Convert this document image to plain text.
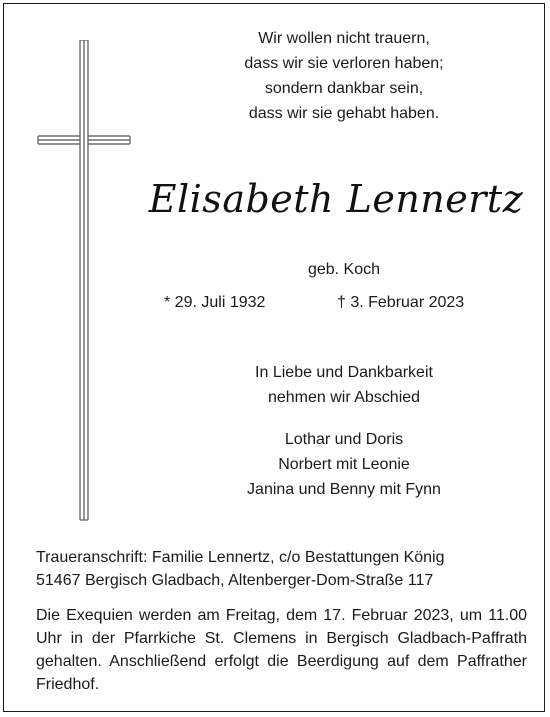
Wir wollen nicht trauern,
dass wir sie verloren haben;
sondern dankbar sein,
dass wir sie gehabt haben.
Elisabeth Lennertz
geb. Koch
* 29. Juli 1932	† 3. Februar 2023
In Liebe und Dankbarkeit
nehmen wir Abschied
Lothar und Doris
Norbert mit Leonie
Janina und Benny mit Fynn
Traueranschrift: Familie Lennertz, c/o Bestattungen König
51467 Bergisch Gladbach, Altenberger-Dom-Straße 117
Die Exequien werden am Freitag, dem 17. Februar 2023, um 11.00 Uhr in der Pfarrkiche St. Clemens in Bergisch Gladbach-Paffrath gehalten. Anschließend erfolgt die Beerdigung auf dem Paffrather Friedhof.
